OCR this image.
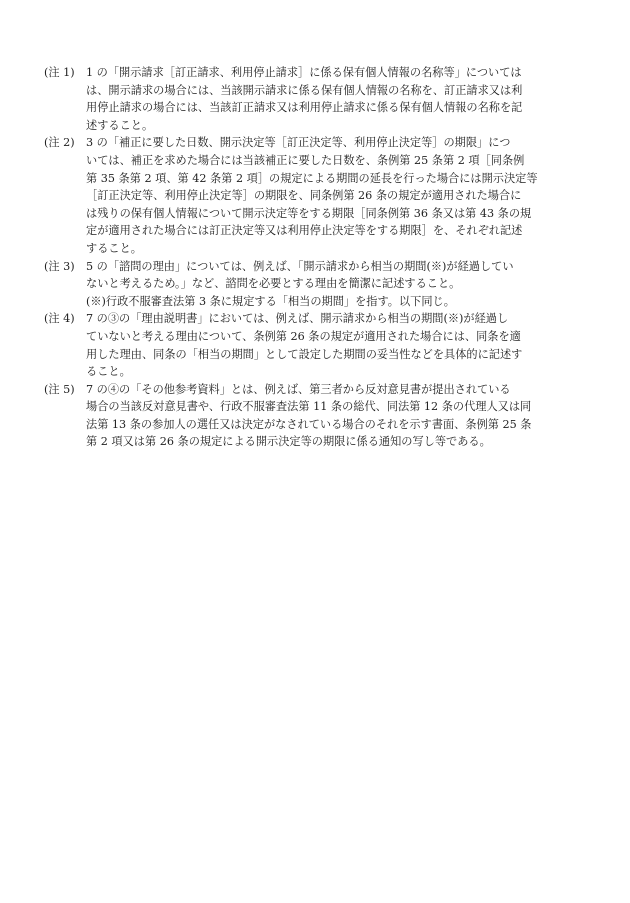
(注 1)	1 の「開示請求［訂正請求、利用停止請求］に係る保有個人情報の名称等」については
は、開示請求の場合には、当該開示請求に係る保有個人情報の名称を、訂正請求又は利
用停止請求の場合には、当該訂正請求又は利用停止請求に係る保有個人情報の名称を記
述すること。
(注 2)	3 の「補正に要した日数、開示決定等［訂正決定等、利用停止決定等］の期限」につ
いては、補正を求めた場合には当該補正に要した日数を、条例第 25 条第 2 項［同条例
第 35 条第 2 項、第 42 条第 2 項］の規定による期間の延長を行った場合には開示決定等
［訂正決定等、利用停止決定等］の期限を、同条例第 26 条の規定が適用された場合に
は残りの保有個人情報について開示決定等をする期限［同条例第 36 条又は第 43 条の規
定が適用された場合には訂正決定等又は利用停止決定等をする期限］を、それぞれ記述
すること。
(注 3)	5 の「諮問の理由」については、例えば、「開示請求から相当の期間(※)が経過してい
ないと考えるため。」など、諮問を必要とする理由を簡潔に記述すること。
(※)行政不服審査法第 3 条に規定する「相当の期間」を指す。以下同じ。
(注 4)	7 の③の「理由説明書」においては、例えば、開示請求から相当の期間(※)が経過し
ていないと考える理由について、条例第 26 条の規定が適用された場合には、同条を適
用した理由、同条の「相当の期間」として設定した期間の妥当性などを具体的に記述す
ること。
(注 5)	7 の④の「その他参考資料」とは、例えば、第三者から反対意見書が提出されている
場合の当該反対意見書や、行政不服審査法第 11 条の総代、同法第 12 条の代理人又は同
法第 13 条の参加人の選任又は決定がなされている場合のそれを示す書面、条例第 25 条
第 2 項又は第 26 条の規定による開示決定等の期限に係る通知の写し等である。
